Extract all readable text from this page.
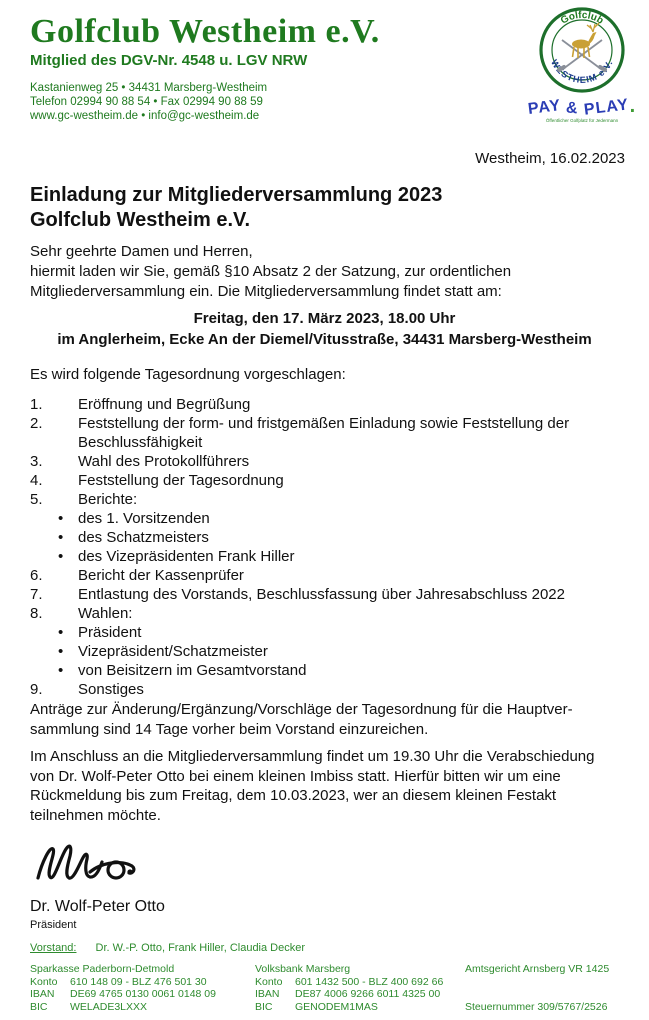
Golfclub Westheim e.V.
Mitglied des DGV-Nr. 4548 u. LGV NRW
Kastanienweg 25 • 34431 Marsberg-Westheim
Telefon 02994 90 88 54 • Fax 02994 90 88 59
www.gc-westheim.de • info@gc-westheim.de
Golfclub
WESTHEIM e.V.
PAY & PLAY.
Öffentlicher Golfplatz für Jedermann
Westheim, 16.02.2023
Einladung zur Mitgliederversammlung 2023
Golfclub Westheim e.V.
Sehr geehrte Damen und Herren,
hiermit laden wir Sie, gemäß §10 Absatz 2 der Satzung, zur ordentlichen
Mitgliederversammlung ein. Die Mitgliederversammlung findet statt am:
Freitag, den 17. März 2023, 18.00 Uhr
im Anglerheim, Ecke An der Diemel/Vitusstraße, 34431 Marsberg-Westheim
Es wird folgende Tagesordnung vorgeschlagen:
1.	Eröffnung und Begrüßung
2.	Feststellung der form- und fristgemäßen Einladung sowie Feststellung der Beschlussfähigkeit
3.	Wahl des Protokollführers
4.	Feststellung der Tagesordnung
5.	Berichte:
• des 1. Vorsitzenden
• des Schatzmeisters
• des Vizepräsidenten Frank Hiller
6.	Bericht der Kassenprüfer
7.	Entlastung des Vorstands, Beschlussfassung über Jahresabschluss 2022
8.	Wahlen:
• Präsident
• Vizepräsident/Schatzmeister
• von Beisitzern im Gesamtvorstand
9.	Sonstiges
Anträge zur Änderung/Ergänzung/Vorschläge der Tagesordnung für die Hauptver-
sammlung sind 14 Tage vorher beim Vorstand einzureichen.
Im Anschluss an die Mitgliederversammlung findet um 19.30 Uhr die Verabschiedung
von Dr. Wolf-Peter Otto bei einem kleinen Imbiss statt. Hierfür bitten wir um eine
Rückmeldung bis zum Freitag, dem 10.03.2023, wer an diesem kleinen Festakt
teilnehmen möchte.
Dr. Wolf-Peter Otto
Präsident
Vorstand: Dr. W.-P. Otto, Frank Hiller, Claudia Decker
Sparkasse Paderborn-Detmold
Konto	610 148 09 - BLZ 476 501 30
IBAN	DE69 4765 0130 0061 0148 09
BIC	WELADE3LXXX
Volksbank Marsberg
Konto	601 1432 500 - BLZ 400 692 66
IBAN	DE87 4006 9266 6011 4325 00
BIC	GENODEM1MAS
Amtsgericht Arnsberg VR 1425
Steuernummer 309/5767/2526
